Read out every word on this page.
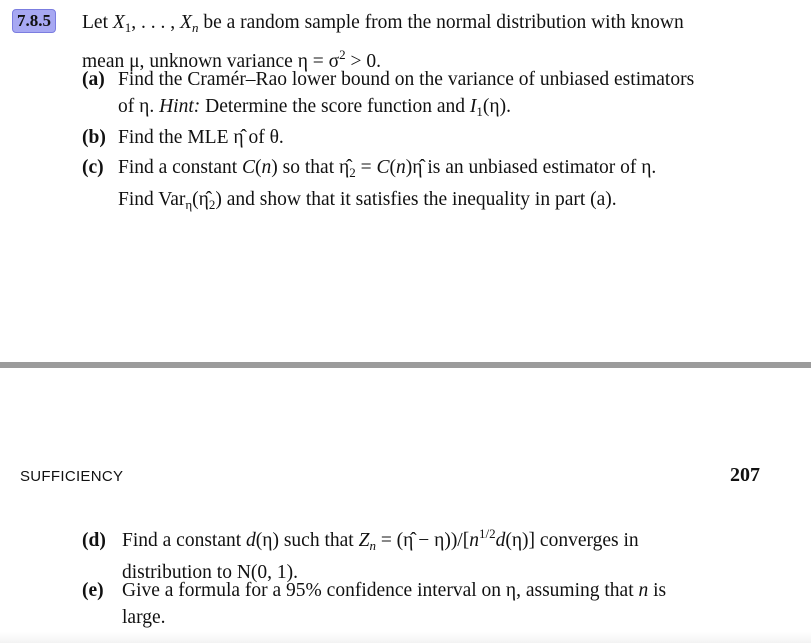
7.8.5 Let $X_1$, . . . , $X_n$ be a random sample from the normal distribution with known
mean μ, unknown variance $\eta = \sigma^2 > 0$.
(a) Find the Cramér–Rao lower bound on the variance of unbiased estimators
of η. Hint: Determine the score function and $I_1(\eta)$.
(b) Find the MLE η̂ of θ.
(c) Find a constant C(n) so that $\etâ_2$ = C(n)η̂ is an unbiased estimator of η.
Find $Var_\eta(\etâ_2)$ and show that it satisfies the inequality in part (a).
SUFFICIENCY	207
(d) Find a constant d(η) such that $Z_n$ = (η̂ − $\eta))/[n^{1/2}d(\eta)]$ converges in
distribution to N(0, 1).
(e) Give a formula for a 95% confidence interval on η, assuming that n is
large.
